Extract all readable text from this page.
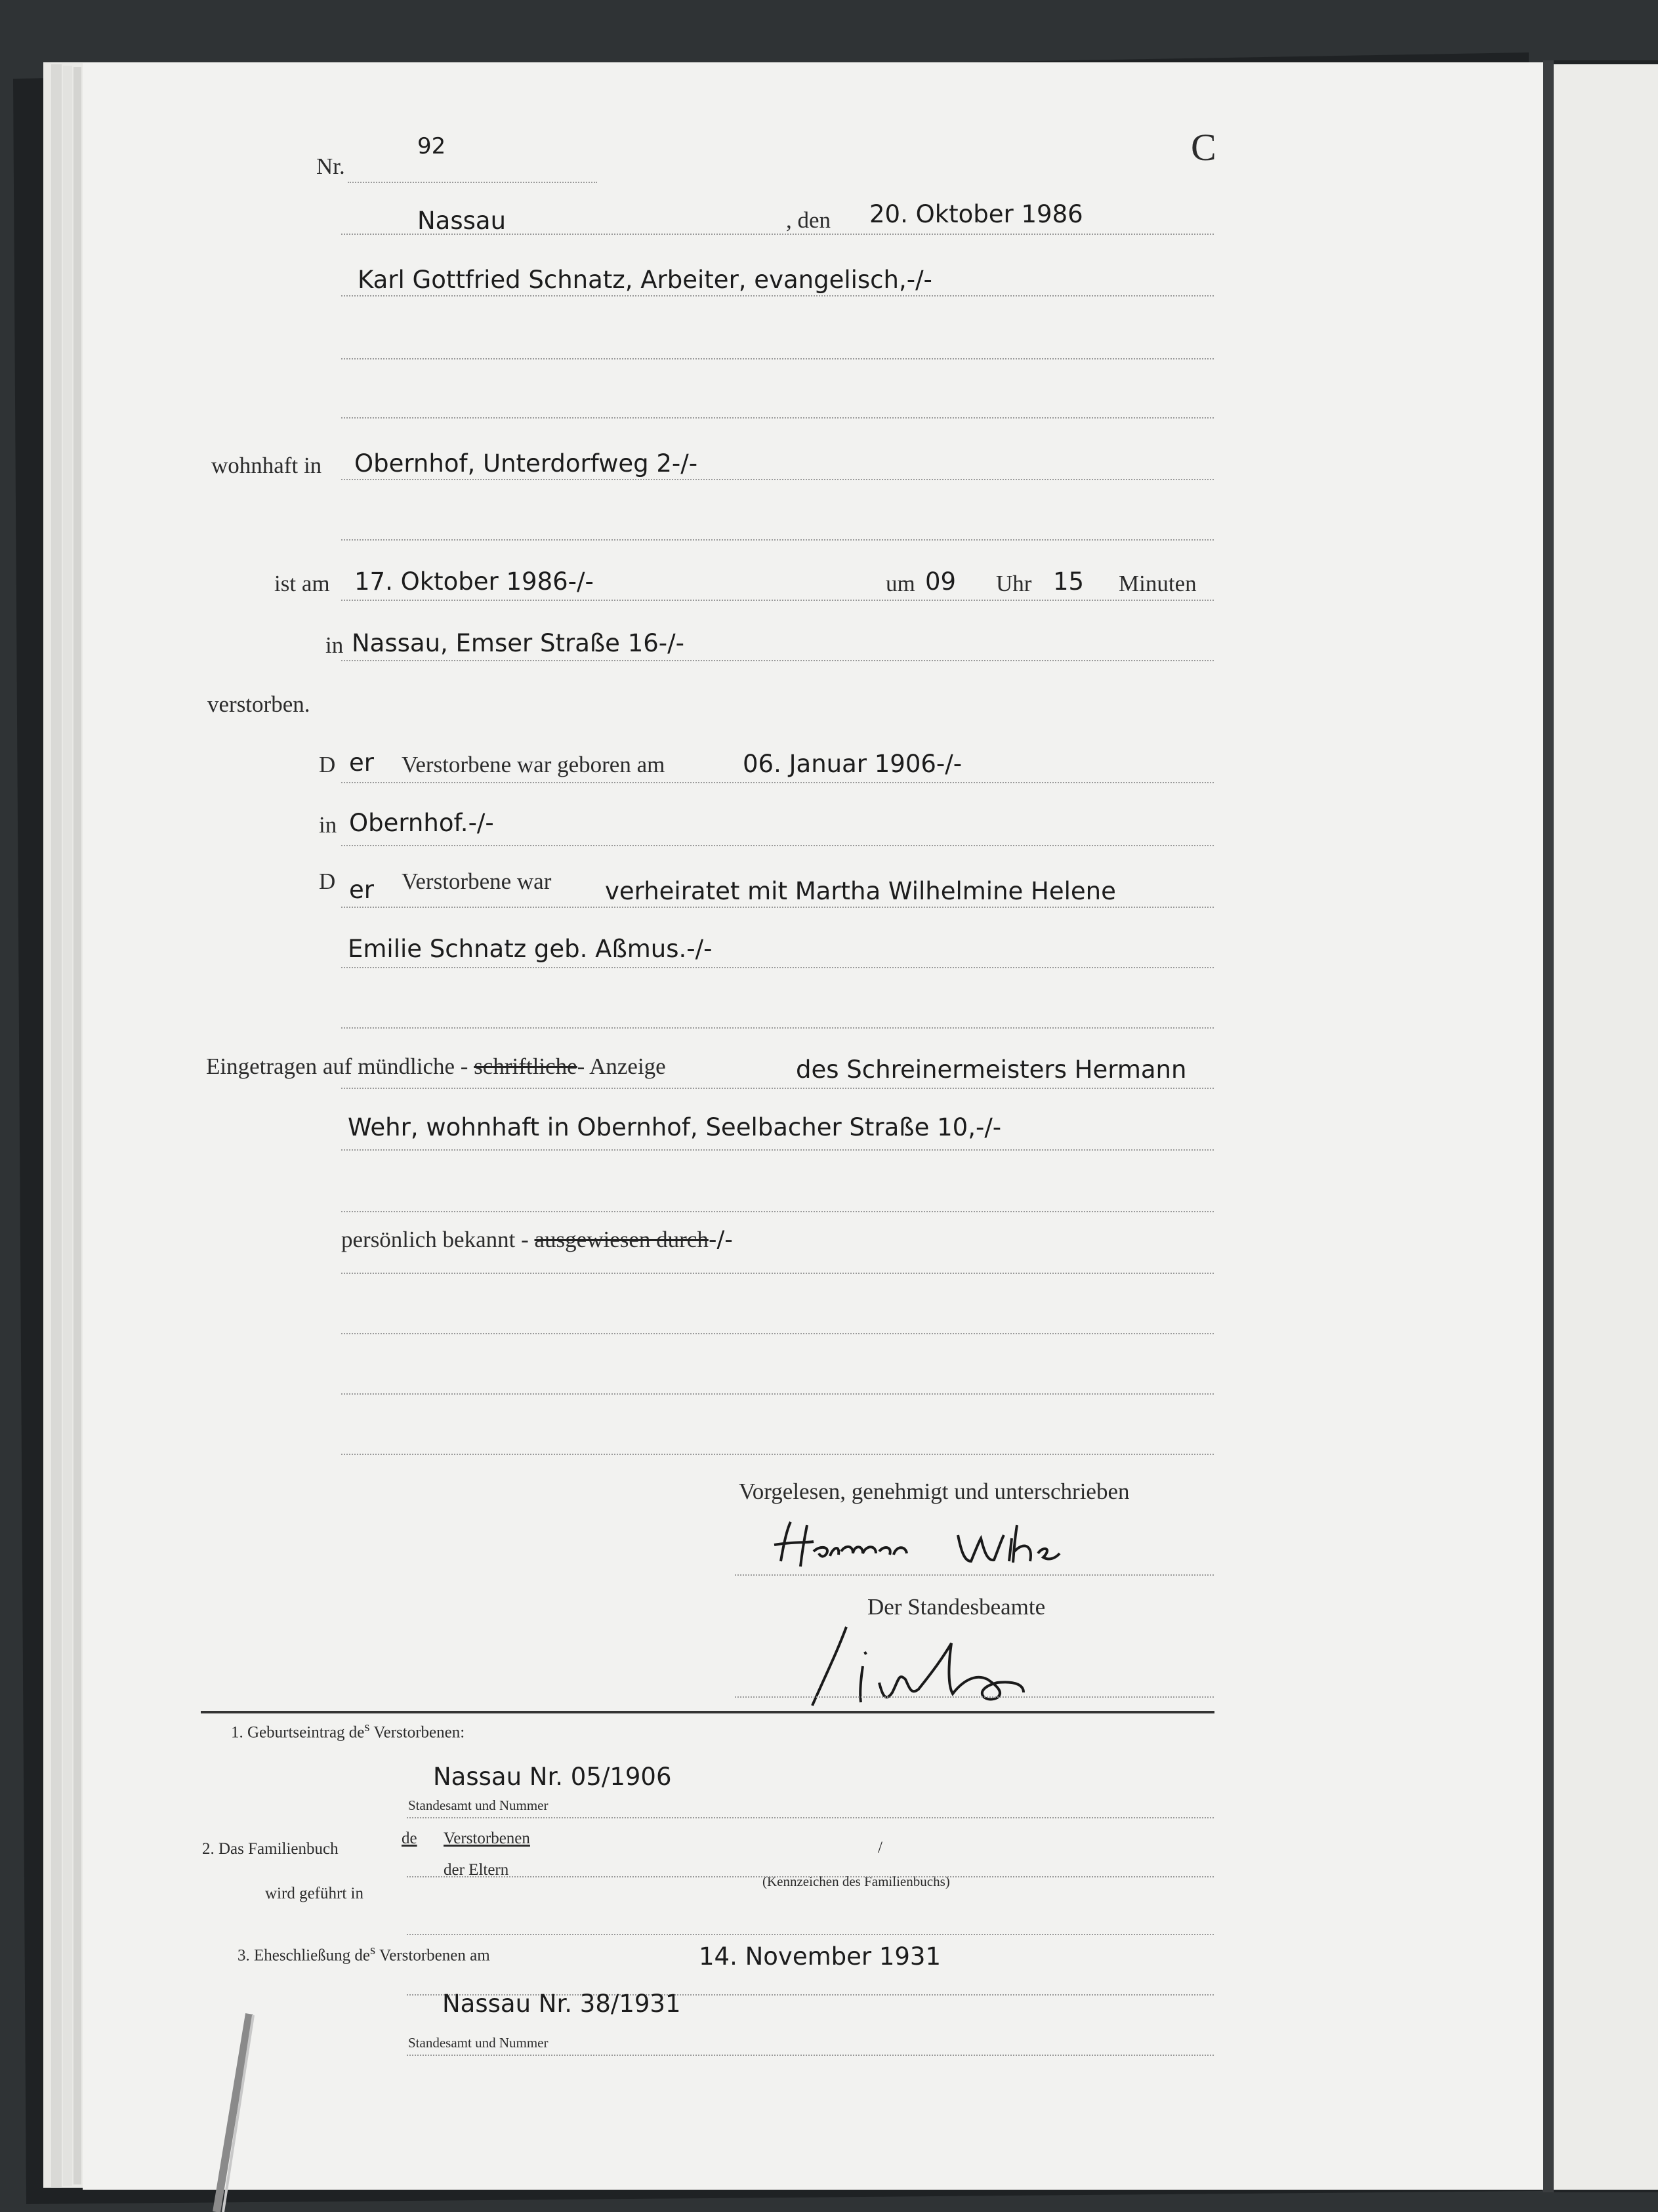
Nr.
92	C
Nassau	, den 20. Oktober 1986
Karl Gottfried Schnatz, Arbeiter, evangelisch,-/-
wohnhaft in Obernhof, Unterdorfweg 2-/-
ist am 17. Oktober 1986-/-	um 09 Uhr 15 Minuten
in Nassau, Emser Straße 16-/-
verstorben.
D er Verstorbene war geboren am	06. Januar 1906-/-
in Obernhof.-/-
D er Verstorbene war verheiratet mit Martha Wilhelmine Helene
Emilie Schnatz geb. Aßmus.-/-
Eingetragen auf mündliche - schriftliche- Anzeige	des Schreinermeisters Hermann
Wehr, wohnhaft in Obernhof, Seelbacher Straße 10,-/-
persönlich bekannt - ausgewiesen durch-/-
Vorgelesen, genehmigt und unterschrieben
Der Standesbeamte
1. Geburtseintrag $de^s$ Verstorbenen:
Nassau Nr. 05/1906
Standesamt und Nummer
2. Das Familienbuch
de Verstorbenen
der Eltern
/
(Kennzeichen des Familienbuchs)
wird geführt in
3. Eheschließung $de^s$ Verstorbenen am	14. November 1931
Nassau Nr. 38/1931
Standesamt und Nummer
